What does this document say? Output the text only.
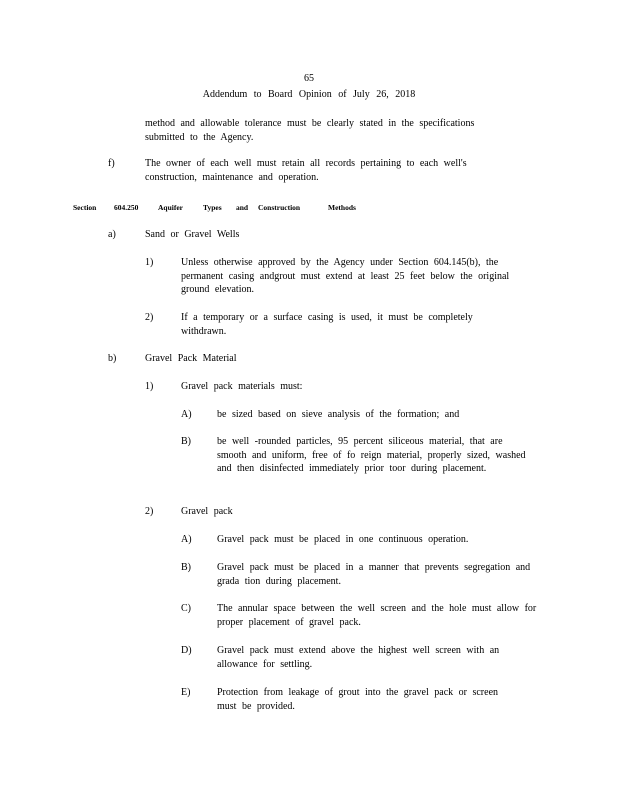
65
Addendum to Board Opinion of July 26, 2018
method and allowable tolerance must be clearly stated in the specifications submitted to the Agency.
f)	The owner of each well must retain all records pertaining to each well's construction, maintenance and operation.
Section 604.250	Aquifer	Types and Construction	Methods
a)	Sand or Gravel Wells
1)	Unless otherwise approved by the Agency under Section 604.145(b), the permanent casing andgrout must extend at least 25 feet below the original ground elevation.
2)	If a temporary or a surface casing is used, it must be completely withdrawn.
b)	Gravel Pack Material
1)	Gravel pack materials must:
A)	be sized based on sieve analysis of the formation; and
B)	be well -rounded particles, 95 percent siliceous material, that are smooth and uniform, free of fo reign material, properly sized, washed and then disinfected immediately prior toor during placement.
2)	Gravel pack
A)	Gravel pack must be placed in one continuous operation.
B)	Gravel pack must be placed in a manner that prevents segregation and grada tion during placement.
C)	The annular space between the well screen and the hole must allow for proper placement of gravel pack.
D)	Gravel pack must extend above the highest well screen with an allowance for settling.
E)	Protection from leakage of grout into the gravel pack or screen must be provided.
